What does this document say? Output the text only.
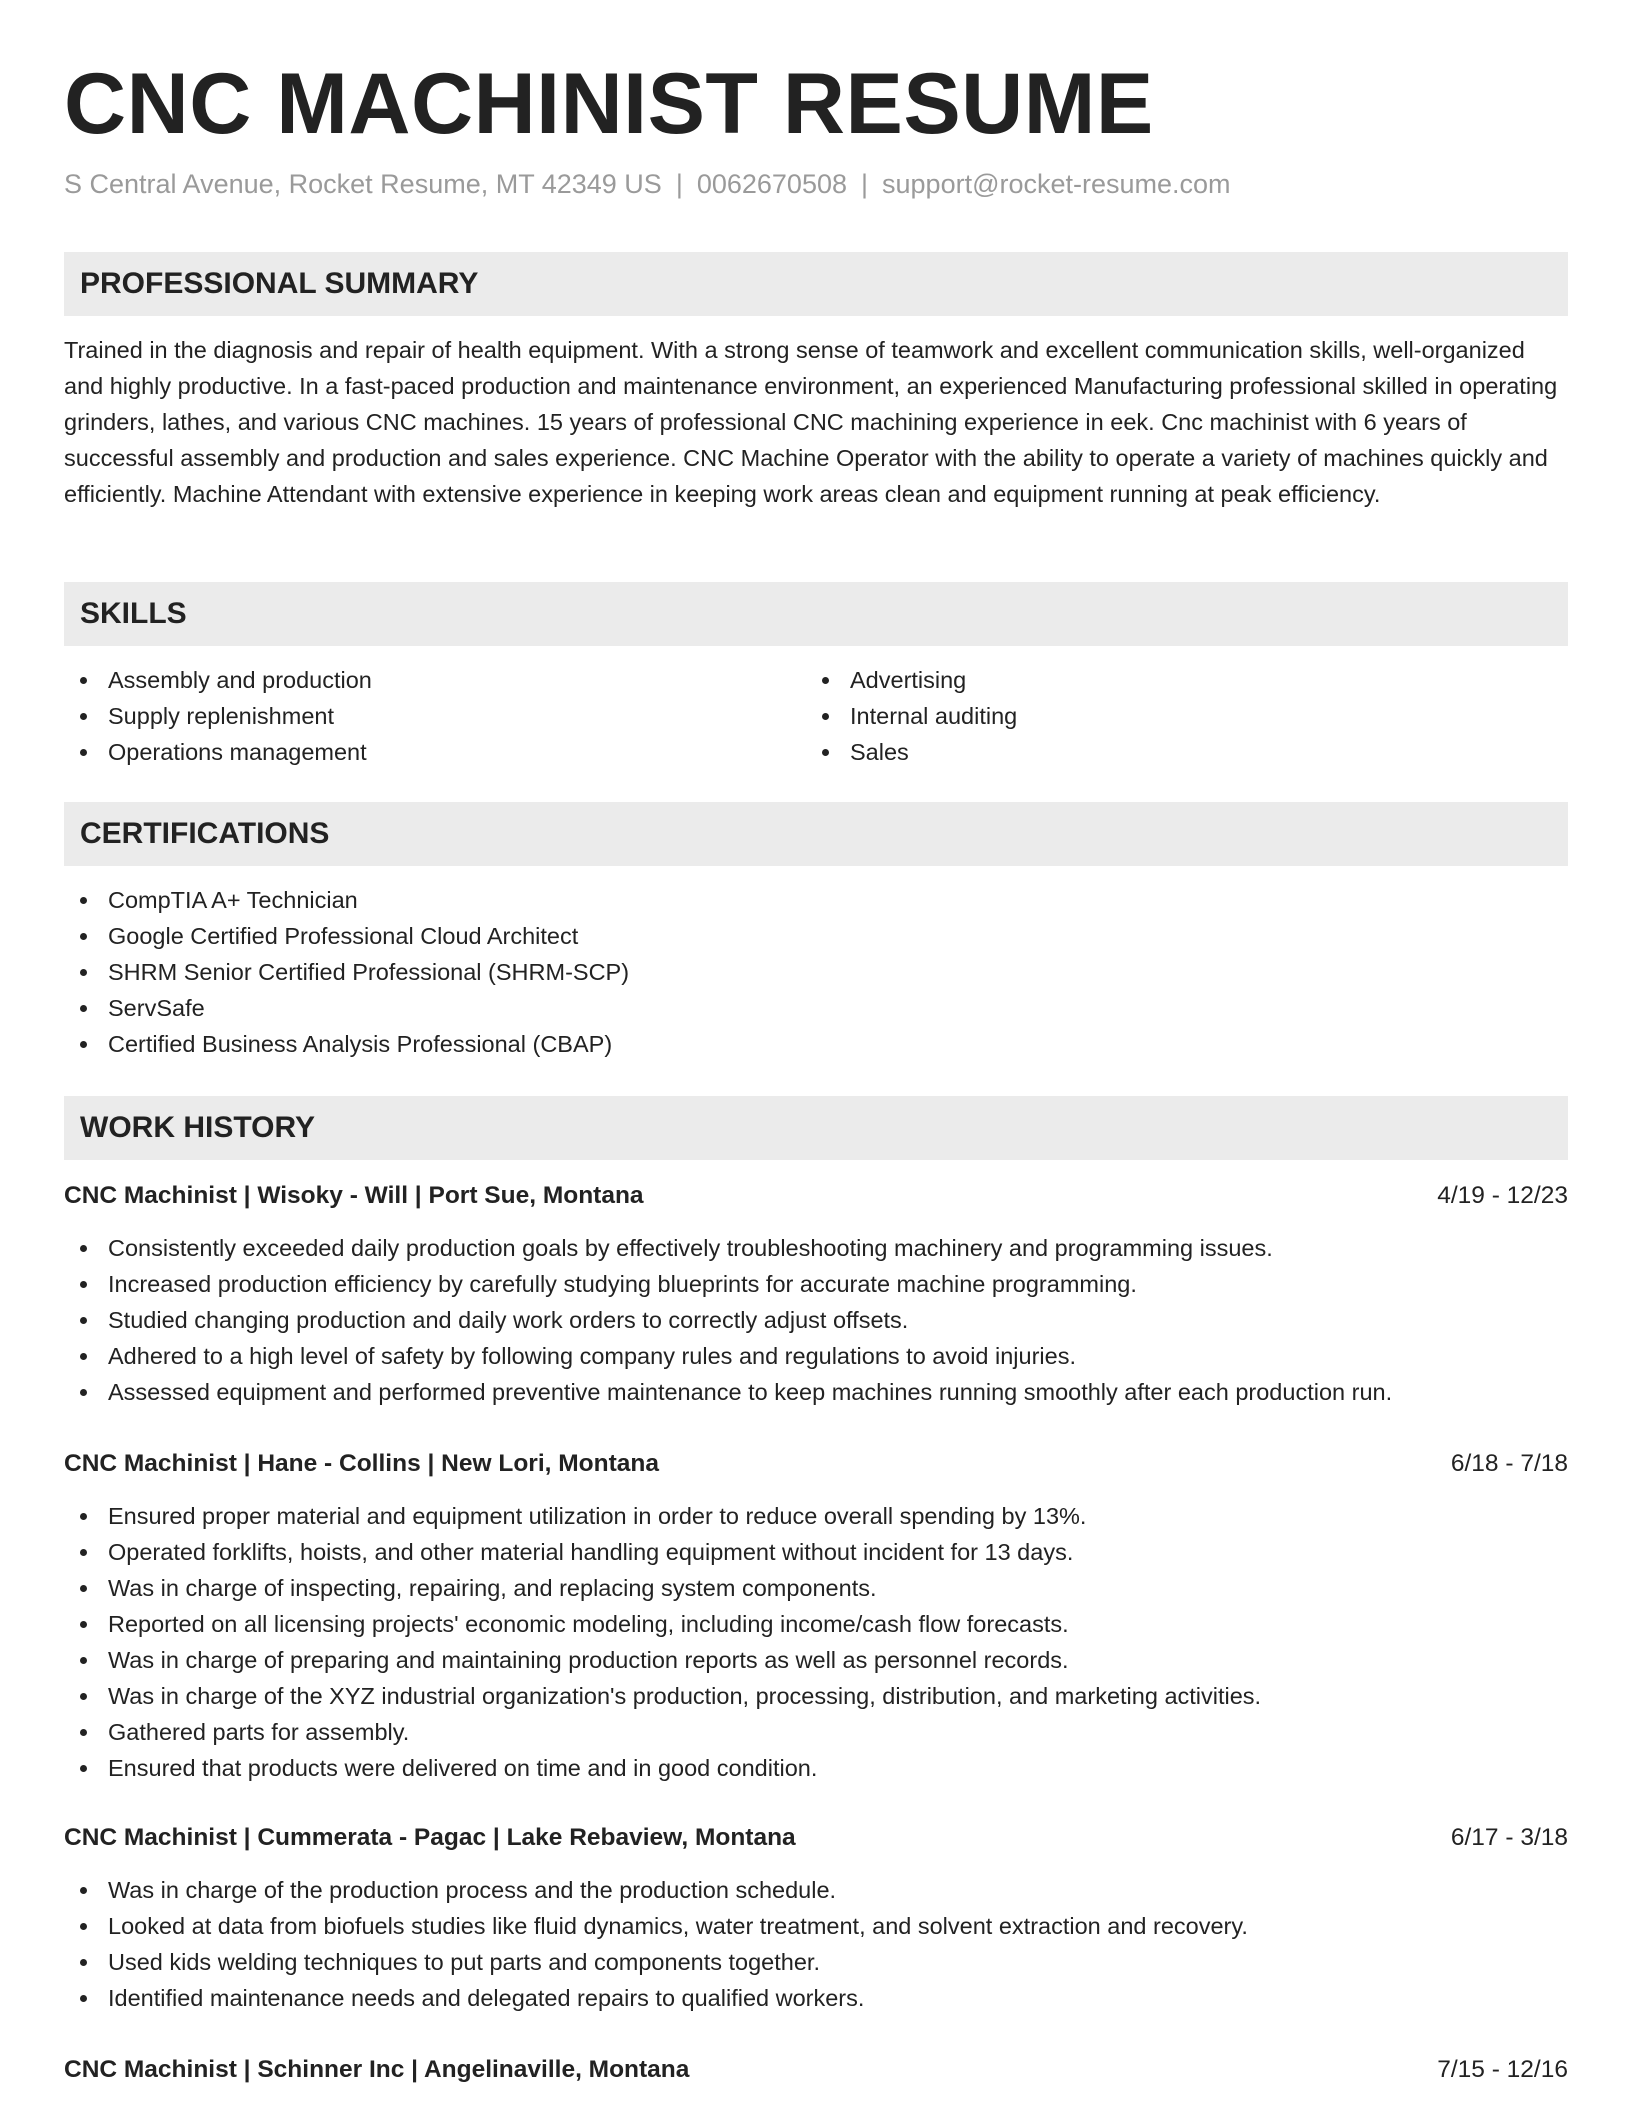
CNC MACHINIST RESUME
S Central Avenue, Rocket Resume, MT 42349 US | 0062670508 | support@rocket-resume.com
PROFESSIONAL SUMMARY

Trained in the diagnosis and repair of health equipment. With a strong sense of teamwork and excellent communication skills, well-organized and highly productive. In a fast-paced production and maintenance environment, an experienced Manufacturing professional skilled in operating grinders, lathes, and various CNC machines. 15 years of professional CNC machining experience in eek. Cnc machinist with 6 years of successful assembly and production and sales experience. CNC Machine Operator with the ability to operate a variety of machines quickly and efficiently. Machine Attendant with extensive experience in keeping work areas clean and equipment running at peak efficiency.

SKILLS
Assembly and production
Supply replenishment
Operations management
Advertising
Internal auditing
Sales
CERTIFICATIONS
CompTIA A+ Technician
Google Certified Professional Cloud Architect
SHRM Senior Certified Professional (SHRM-SCP)
ServSafe
Certified Business Analysis Professional (CBAP)
WORK HISTORY
CNC Machinist | Wisoky - Will | Port Sue, Montana	4/19 - 12/23
Consistently exceeded daily production goals by effectively troubleshooting machinery and programming issues.
Increased production efficiency by carefully studying blueprints for accurate machine programming.
Studied changing production and daily work orders to correctly adjust offsets.
Adhered to a high level of safety by following company rules and regulations to avoid injuries.
Assessed equipment and performed preventive maintenance to keep machines running smoothly after each production run.
CNC Machinist | Hane - Collins | New Lori, Montana	6/18 - 7/18
Ensured proper material and equipment utilization in order to reduce overall spending by 13%.
Operated forklifts, hoists, and other material handling equipment without incident for 13 days.
Was in charge of inspecting, repairing, and replacing system components.
Reported on all licensing projects' economic modeling, including income/cash flow forecasts.
Was in charge of preparing and maintaining production reports as well as personnel records.
Was in charge of the XYZ industrial organization's production, processing, distribution, and marketing activities.
Gathered parts for assembly.
Ensured that products were delivered on time and in good condition.
CNC Machinist | Cummerata - Pagac | Lake Rebaview, Montana	6/17 - 3/18
Was in charge of the production process and the production schedule.
Looked at data from biofuels studies like fluid dynamics, water treatment, and solvent extraction and recovery.
Used kids welding techniques to put parts and components together.
Identified maintenance needs and delegated repairs to qualified workers.
CNC Machinist | Schinner Inc | Angelinaville, Montana	7/15 - 12/16
